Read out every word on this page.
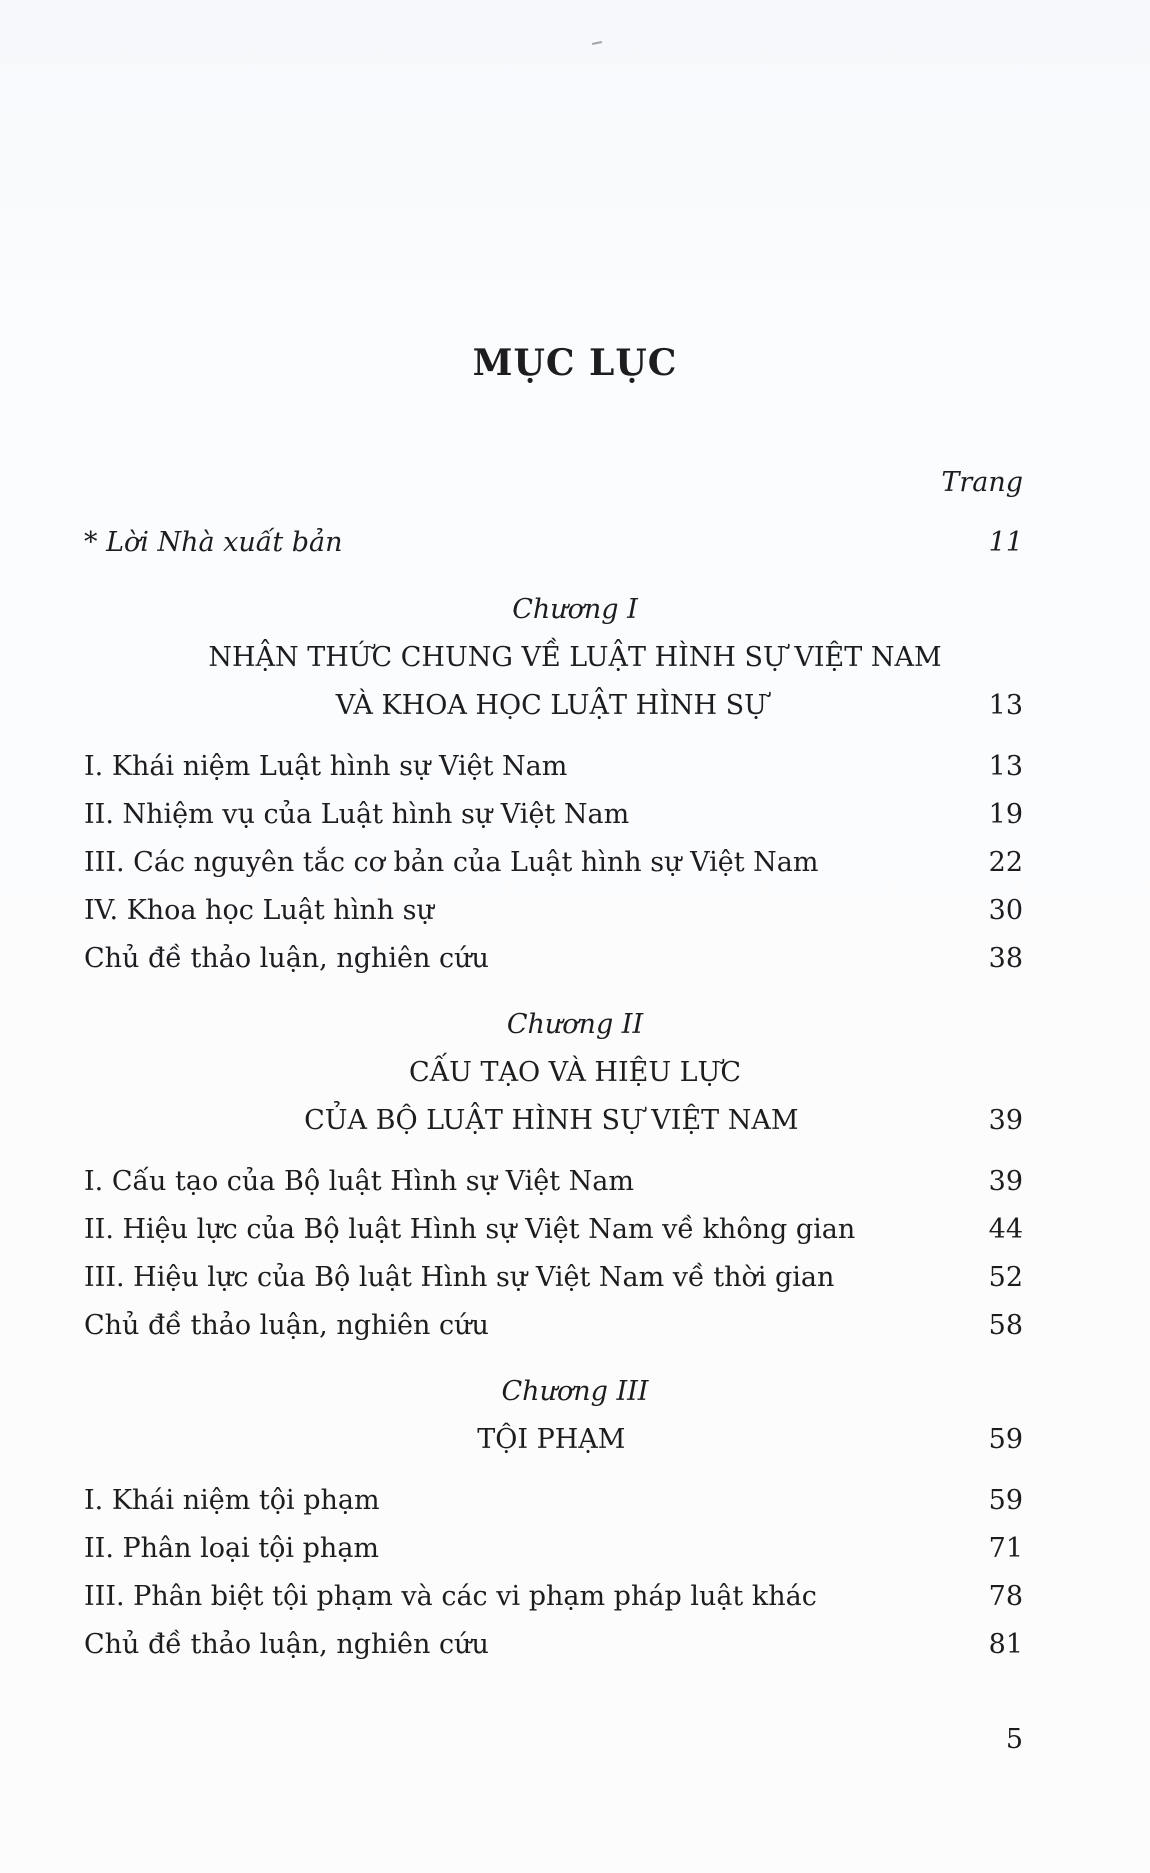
MỤC LỤC
Trang
* Lời Nhà xuất bản	11
Chương I
NHẬN THỨC CHUNG VỀ LUẬT HÌNH SỰ VIỆT NAM
VÀ KHOA HỌC LUẬT HÌNH SỰ	13
I. Khái niệm Luật hình sự Việt Nam	13
II. Nhiệm vụ của Luật hình sự Việt Nam	19
III. Các nguyên tắc cơ bản của Luật hình sự Việt Nam	22
IV. Khoa học Luật hình sự	30
Chủ đề thảo luận, nghiên cứu	38
Chương II
CẤU TẠO VÀ HIỆU LỰC
CỦA BỘ LUẬT HÌNH SỰ VIỆT NAM	39
I. Cấu tạo của Bộ luật Hình sự Việt Nam	39
II. Hiệu lực của Bộ luật Hình sự Việt Nam về không gian	44
III. Hiệu lực của Bộ luật Hình sự Việt Nam về thời gian	52
Chủ đề thảo luận, nghiên cứu	58
Chương III
TỘI PHẠM	59
I. Khái niệm tội phạm	59
II. Phân loại tội phạm	71
III. Phân biệt tội phạm và các vi phạm pháp luật khác	78
Chủ đề thảo luận, nghiên cứu	81
5
